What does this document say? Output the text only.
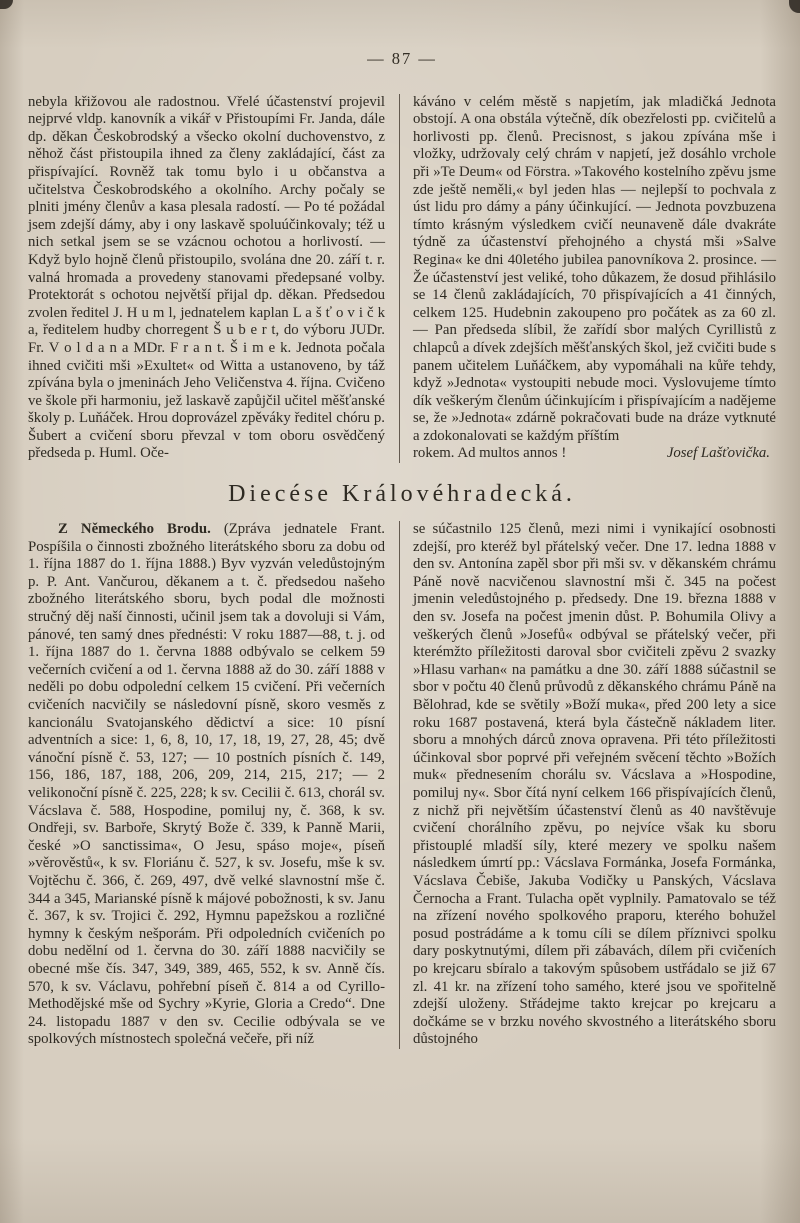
— 87 —

nebyla křižovou ale radostnou. Vřelé účastenství projevil nejprvé vldp. kanovník a vikář v Přistoupími Fr. Janda, dále dp. děkan Českobrodský a všecko okolní duchovenstvo, z něhož část přistoupila ihned za členy zakládající, část za přispívající. Rovněž tak tomu bylo i u občanstva a učitelstva Českobrodského a okolního. Archy počaly se plniti jmény členův a kasa plesala radostí. — Po té požádal jsem zdejší dámy, aby i ony laskavě spoluúčinkovaly; též u nich setkal jsem se se vzácnou ochotou a horlivostí. — Když bylo hojně členů přistoupilo, svolána dne 20. září t. r. valná hromada a provedeny stanovami předepsané volby. Protektorát s ochotou největší přijal dp. děkan. Předsedou zvolen ředitel J. H u m l, jednatelem kaplan L a š ť o v i č k a, ředitelem hudby chorregent Š u b e r t, do výboru JUDr. Fr. V o l d a n a MDr. F r a n t. Š i m e k. Jednota počala ihned cvičiti mši »Exultet« od Witta a ustanoveno, by táž zpívána byla o jmeninách Jeho Veličenstva 4. října. Cvičeno ve škole při harmoniu, jež laskavě zapůjčil učitel měšťanské školy p. Luňáček. Hrou doprovázel zpěváky ředitel chóru p. Šubert a cvičení sboru převzal v tom oboru osvědčený předseda p. Huml. Oče-

káváno v celém městě s napjetím, jak mladičká Jednota obstojí. A ona obstála výtečně, dík obezřelosti pp. cvičitelů a horlivosti pp. členů. Precisnost, s jakou zpívána mše i vložky, udržovaly celý chrám v napjetí, jež dosáhlo vrchole při »Te Deum« od Förstra. »Takového kostelního zpěvu jsme zde ještě neměli,« byl jeden hlas — nejlepší to pochvala z úst lidu pro dámy a pány účinkující. — Jednota povzbuzena tímto krásným výsledkem cvičí neunaveně dále dvakráte týdně za účastenství přehojného a chystá mši »Salve Regina« ke dni 40letého jubilea panovníkova 2. prosince. — Že účastenství jest veliké, toho důkazem, že dosud přihlásilo se 14 členů zakládajících, 70 přispívajících a 41 činných, celkem 125. Hudebnin zakoupeno pro počátek as za 60 zl. — Pan předseda slíbil, že zařídí sbor malých Cyrillistů z chlapců a dívek zdejších měšťanských škol, jež cvičiti bude s panem učitelem Luňáčkem, aby vypomáhali na kůře tehdy, když »Jednota« vystoupiti nebude moci. Vyslovujeme tímto dík veškerým členům účinkujícím i přispívajícím a nadějeme se, že »Jednota« zdárně pokračovati bude na dráze vytknuté a zdokonalovati se každým příštím

rokem. Ad multos annos !	Josef Lašťovička.
Diecése Královéhradecká.

Z Německého Brodu. (Zpráva jednatele Frant. Pospíšila o činnosti zbožného literátského sboru za dobu od 1. října 1887 do 1. října 1888.) Byv vyzván veledůstojným p. P. Ant. Vančurou, děkanem a t. č. předsedou našeho zbožného literátského sboru, bych podal dle možnosti stručný děj naší činnosti, učinil jsem tak a dovoluji si Vám, pánové, ten samý dnes přednésti: V roku 1887—88, t. j. od 1. října 1887 do 1. června 1888 odbývalo se celkem 59 večerních cvičení a od 1. června 1888 až do 30. září 1888 v neděli po dobu odpolední celkem 15 cvičení. Při večerních cvičeních nacvičily se následovní písně, skoro vesměs z kancionálu Svatojanského dědictví a sice: 10 písní adventních a sice: 1, 6, 8, 10, 17, 18, 19, 27, 28, 45; dvě vánoční písně č. 53, 127; — 10 postních písních č. 149, 156, 186, 187, 188, 206, 209, 214, 215, 217; — 2 velikonoční písně č. 225, 228; k sv. Cecilii č. 613, chorál sv. Vácslava č. 588, Hospodine, pomiluj ny, č. 368, k sv. Ondřeji, sv. Barboře, Skrytý Bože č. 339, k Panně Marii, české »O sanctissima«, O Jesu, spáso moje«, píseň »věrověstů«, k sv. Floriánu č. 527, k sv. Josefu, mše k sv. Vojtěchu č. 366, č. 269, 497, dvě velké slavnostní mše č. 344 a 345, Marianské písně k májové pobožnosti, k sv. Janu č. 367, k sv. Trojici č. 292, Hymnu papežskou a rozličné hymny k českým nešporám. Při odpoledních cvičeních po dobu nedělní od 1. června do 30. září 1888 nacvičily se obecné mše čís. 347, 349, 389, 465, 552, k sv. Anně čís. 570, k sv. Václavu, pohřební píseň č. 814 a od Cyrillo-Methodějské mše od Sychry »Kyrie, Gloria a Credo“. Dne 24. listopadu 1887 v den sv. Cecilie odbývala se ve spolkových místnostech společná večeře, při níž

se súčastnilo 125 členů, mezi nimi i vynikající osobnosti zdejší, pro kteréž byl přátelský večer. Dne 17. ledna 1888 v den sv. Antonína zapěl sbor při mši sv. v děkanském chrámu Páně nově nacvičenou slavnostní mši č. 345 na počest jmenin veledůstojného p. předsedy. Dne 19. března 1888 v den sv. Josefa na počest jmenin důst. P. Bohumila Olivy a veškerých členů »Josefů« odbýval se přátelský večer, při kterémžto příležitosti daroval sbor cvičiteli zpěvu 2 svazky »Hlasu varhan« na památku a dne 30. září 1888 súčastnil se sbor v počtu 40 členů průvodů z děkanského chrámu Páně na Bělohrad, kde se světily »Boží muka«, před 200 lety a sice roku 1687 postavená, která byla částečně nákladem liter. sboru a mnohých dárců znova opravena. Při této příležitosti účinkoval sbor poprvé při veřejném svěcení těchto »Božích muk« přednesením chorálu sv. Vácslava a »Hospodine, pomiluj ny«. Sbor čítá nyní celkem 166 přispívajících členů, z nichž při největším účastenství členů as 40 navštěvuje cvičení chorálního zpěvu, po nejvíce však ku sboru přistouplé mladší síly, které mezery ve spolku našem následkem úmrtí pp.: Vácslava Formánka, Josefa Formánka, Vácslava Čebiše, Jakuba Vodičky u Panských, Vácslava Černocha a Frant. Tulacha opět vyplnily. Pamatovalo se též na zřízení nového spolkového praporu, kterého bohužel posud postrádáme a k tomu cíli se dílem příznivci spolku dary poskytnutými, dílem při zábavách, dílem při cvičeních po krejcaru sbíralo a takovým spůsobem ustřádalo se již 67 zl. 41 kr. na zřízení toho samého, které jsou ve spořitelně zdejší uloženy. Střádejme takto krejcar po krejcaru a dočkáme se v brzku nového skvostného a literátského sboru důstojného
